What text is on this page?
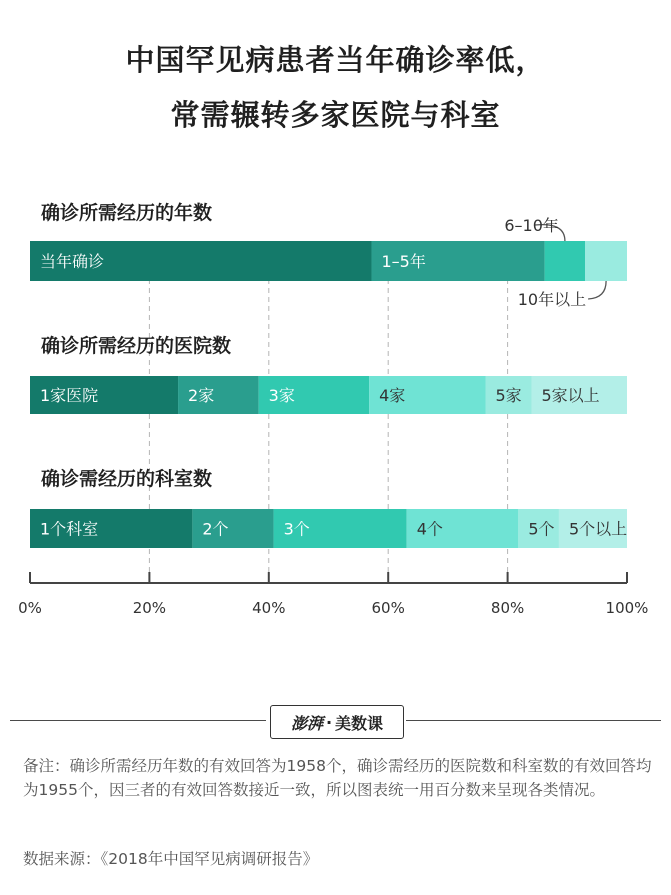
中国罕见病患者当年确诊率低，
常需辗转多家医院与科室
0%	20%	40%	60%	80%	100%
确诊所需经历的年数
当年确诊	1–5年
确诊所需经历的医院数
1家医院	2家	3家	4家	5家 5家以上
确诊需经历的科室数
1个科室	2个	3个	4个	5个 5个以上
6–10年
10年以上
澎湃 · 美数课
备注：确诊所需经历年数的有效回答为1958个，确诊需经历的医院数和科室数的有效回答均为1955个，因三者的有效回答数接近一致，所以图表统一用百分数来呈现各类情况。
数据来源：《2018年中国罕见病调研报告》
